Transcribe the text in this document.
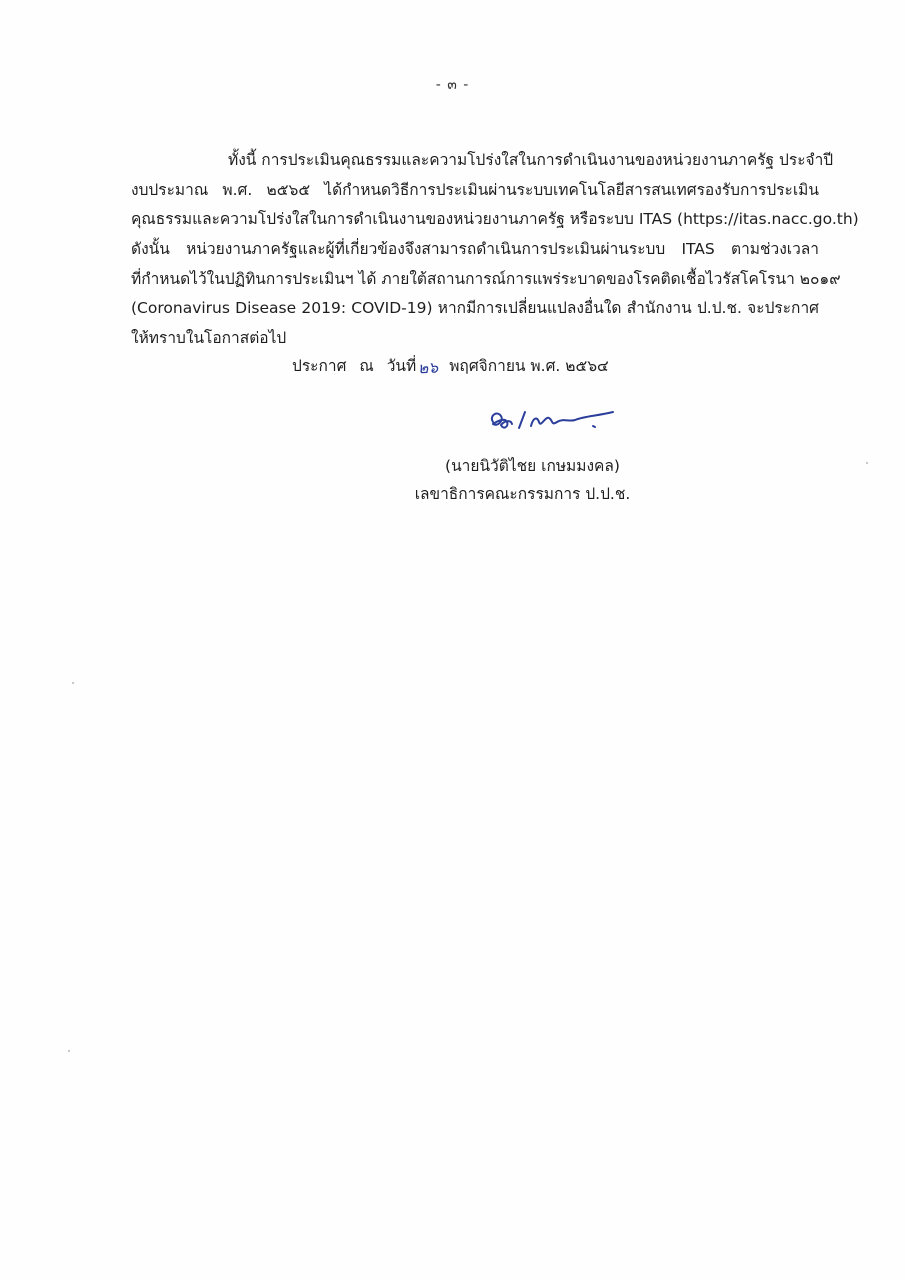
- ๓ -
ทั้งนี้ การประเมินคุณธรรมและความโปร่งใสในการดำเนินงานของหน่วยงานภาครัฐ ประจำปี
งบประมาณ พ.ศ. ๒๕๖๕ ได้กำหนดวิธีการประเมินผ่านระบบเทคโนโลยีสารสนเทศรองรับการประเมิน
คุณธรรมและความโปร่งใสในการดำเนินงานของหน่วยงานภาครัฐ หรือระบบ ITAS (https://itas.nacc.go.th)
ดังนั้น หน่วยงานภาครัฐและผู้ที่เกี่ยวข้องจึงสามารถดำเนินการประเมินผ่านระบบ ITAS ตามช่วงเวลา
ที่กำหนดไว้ในปฏิทินการประเมินฯ ได้ ภายใต้สถานการณ์การแพร่ระบาดของโรคติดเชื้อไวรัสโคโรนา ๒๐๑๙
(Coronavirus Disease 2019: COVID-19) หากมีการเปลี่ยนแปลงอื่นใด สำนักงาน ป.ป.ช. จะประกาศ
ให้ทราบในโอกาสต่อไป
ประกาศ ณ วันที่๒๖ พฤศจิกายน พ.ศ. ๒๕๖๔
(นายนิวัติไชย เกษมมงคล)
เลขาธิการคณะกรรมการ ป.ป.ช.
